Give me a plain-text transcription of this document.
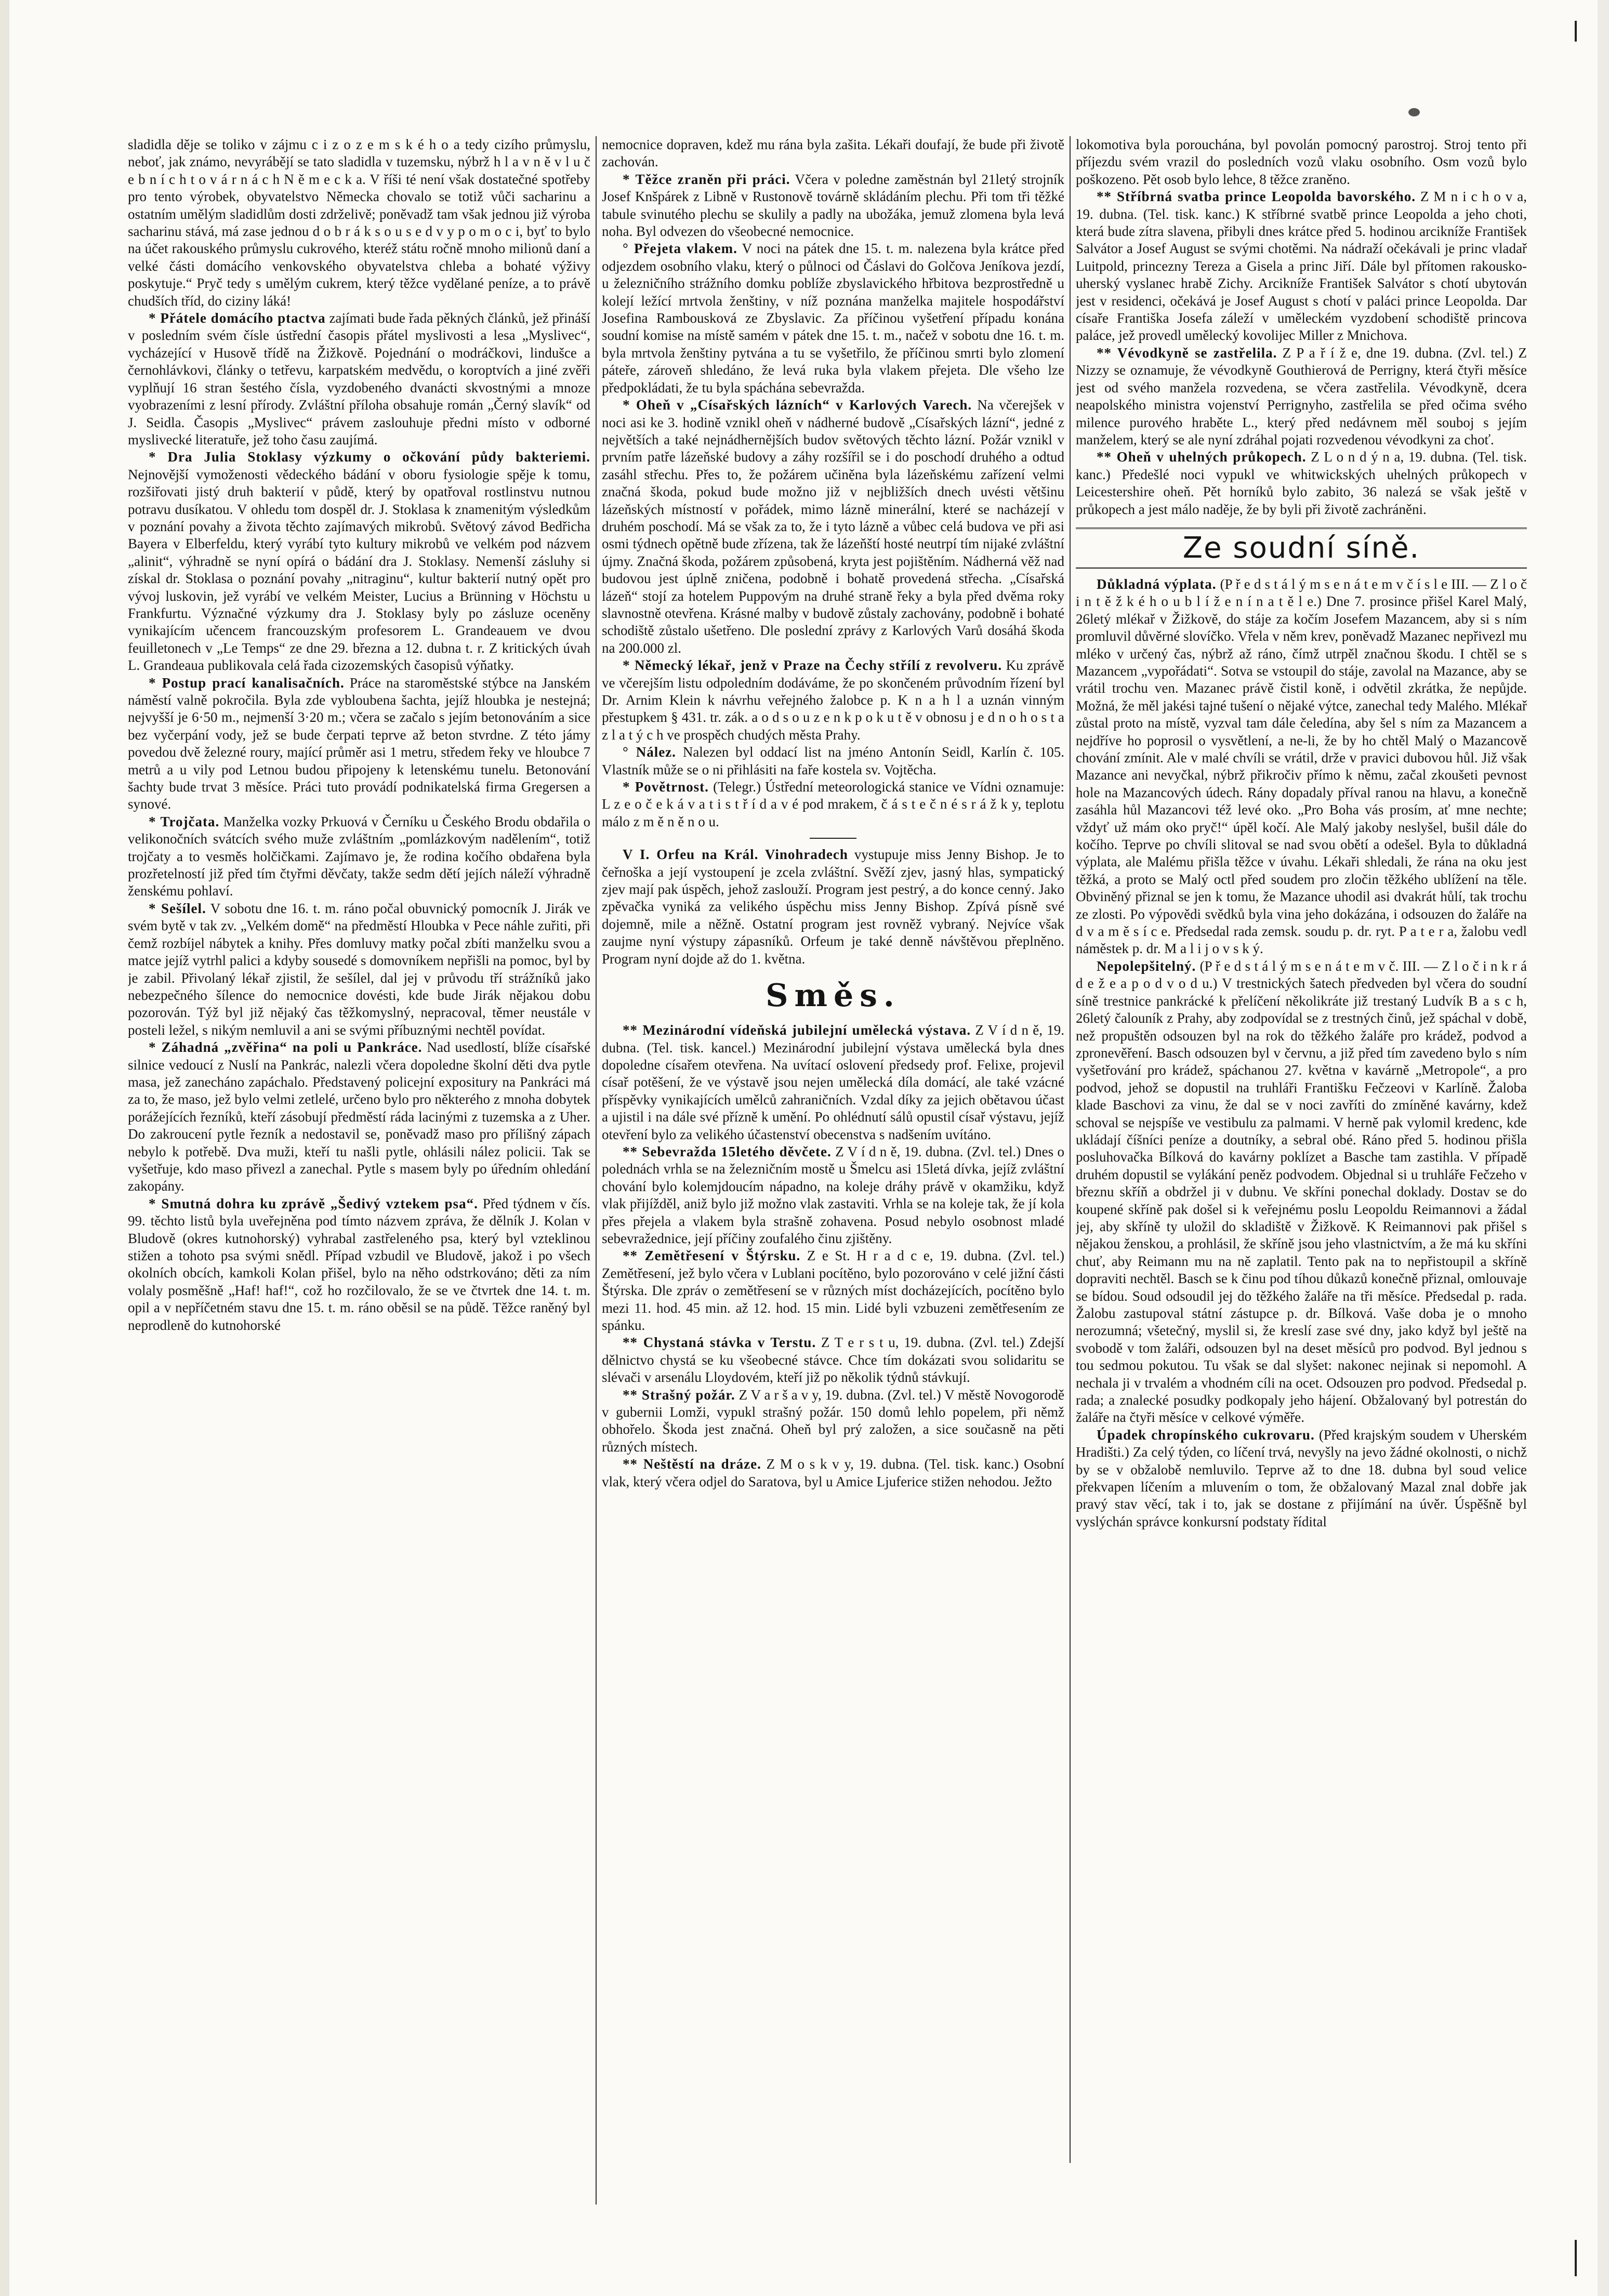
sladidla děje se toliko v zájmu c i z o z e m s k é h o a tedy cizího průmyslu, neboť, jak známo, nevyrábějí se tato sladidla v tuzemsku, nýbrž h l a v n ě v l u č e b n í c h t o v á r n á c h N ě m e c k a. V říši té není však dostatečné spotřeby pro tento výrobek, obyvatelstvo Německa chovalo se totiž vůči sacharinu a ostatním umělým sladidlům dosti zdrželivě; poněvadž tam však jednou již výroba sacharinu stává, má zase jednou d o b r á k s o u s e d v y p o m o c i, byť to bylo na účet rakouského průmyslu cukrového, kteréž státu ročně mnoho milionů daní a velké části domácího venkovského obyvatelstva chleba a bohaté výživy poskytuje.“ Pryč tedy s umělým cukrem, který těžce vydělané peníze, a to právě chudších tříd, do ciziny láká!

* Přátele domácího ptactva zajímati bude řada pěkných článků, jež přináší v posledním svém čísle ústřední časopis přátel myslivosti a lesa „Myslivec“, vycházející v Husově třídě na Žižkově. Pojednání o modráčkovi, lindušce a černohlávkovi, články o tetřevu, karpatském medvědu, o koroptvích a jiné zvěři vyplňují 16 stran šestého čísla, vyzdobeného dvanácti skvostnými a mnoze vyobrazeními z lesní přírody. Zvláštní příloha obsahuje román „Černý slavík“ od J. Seidla. Časopis „Myslivec“ právem zaslouhuje předni místo v odborné myslivecké literatuře, jež toho času zaujímá.

* Dra Julia Stoklasy výzkumy o očkování půdy bakteriemi. Nejnovější vymoženosti vědeckého bádání v oboru fysiologie spěje k tomu, rozšiřovati jistý druh bakterií v půdě, který by opatřoval rostlinstvu nutnou potravu dusíkatou. V ohledu tom dospěl dr. J. Stoklasa k znamenitým výsledkům v poznání povahy a života těchto zajímavých mikrobů. Světový závod Bedřicha Bayera v Elberfeldu, který vyrábí tyto kultury mikrobů ve velkém pod názvem „alinit“, výhradně se nyní opírá o bádání dra J. Stoklasy. Nemenší zásluhy si získal dr. Stoklasa o poznání povahy „nitraginu“, kultur bakterií nutný opět pro vývoj luskovin, jež vyrábí ve velkém Meister, Lucius a Brünning v Höchstu u Frankfurtu. Význačné výzkumy dra J. Stoklasy byly po zásluze oceněny vynikajícím učencem francouzským profesorem L. Grandeauem ve dvou feuilletonech v „Le Temps“ ze dne 29. března a 12. dubna t. r. Z kritických úvah L. Grandeaua publikovala celá řada cizozemských časopisů výňatky.

* Postup prací kanalisačních. Práce na staroměstské stýbce na Janském náměstí valně pokročila. Byla zde vybloubena šachta, jejíž hloubka je nestejná; nejvyšší je 6·50 m., nejmenší 3·20 m.; včera se začalo s jejím betonováním a sice bez vyčerpání vody, jež se bude čerpati teprve až beton stvrdne. Z této jámy povedou dvě železné roury, mající průměr asi 1 metru, středem řeky ve hloubce 7 metrů a u vily pod Letnou budou připojeny k letenskému tunelu. Betonování šachty bude trvat 3 měsíce. Práci tuto provádí podnikatelská firma Gregersen a synové.

* Trojčata. Manželka vozky Prkuová v Černíku u Českého Brodu obdařila o velikonočních svátcích svého muže zvláštním „pomlázkovým nadělením“, totiž trojčaty a to vesměs holčičkami. Zajímavo je, že rodina kočího obdařena byla prozřetelností již před tím čtyřmi děvčaty, takže sedm dětí jejích náleží výhradně ženskému pohlaví.

* Sešílel. V sobotu dne 16. t. m. ráno počal obuvnický pomocník J. Jirák ve svém bytě v tak zv. „Velkém domě“ na předměstí Hloubka v Pece náhle zuřiti, při čemž rozbíjel nábytek a knihy. Přes domluvy matky počal zbíti manželku svou a matce jejíž vytrhl palici a kdyby sousedé s domovníkem nepřišli na pomoc, byl by je zabil. Přivolaný lékař zjistil, že sešílel, dal jej v průvodu tří strážníků jako nebezpečného šílence do nemocnice dovésti, kde bude Jirák nějakou dobu pozorován. Týž byl již nějaký čas těžkomyslný, nepracoval, těmer neustále v posteli ležel, s nikým nemluvil a ani se svými příbuznými nechtěl povídat.

* Záhadná „zvěřina“ na poli u Pankráce. Nad usedlostí, blíže císařské silnice vedoucí z Nuslí na Pankrác, nalezli včera dopoledne školní děti dva pytle masa, jež zanecháno zapáchalo. Představený policejní expositury na Pankráci má za to, že maso, jež bylo velmi zetlelé, určeno bylo pro některého z mnoha dobytek porážejících řezníků, kteří zásobují předměstí ráda lacinými z tuzemska a z Uher. Do zakroucení pytle řezník a nedostavil se, poněvadž maso pro přílišný zápach nebylo k potřebě. Dva muži, kteří tu našli pytle, ohlásili nález policii. Tak se vyšetřuje, kdo maso přivezl a zanechal. Pytle s masem byly po úředním ohledání zakopány.

* Smutná dohra ku zprávě „Šedivý vztekem psa“. Před týdnem v čís. 99. těchto listů byla uveřejněna pod tímto názvem zpráva, že dělník J. Kolan v Bludově (okres kutnohorský) vyhrabal zastřeleného psa, který byl vzteklinou stižen a tohoto psa svými snědl. Případ vzbudil ve Bludově, jakož i po všech okolních obcích, kamkoli Kolan přišel, bylo na něho odstrkováno; děti za ním volaly posměšně „Haf! haf!“, což ho rozčilovalo, že se ve čtvrtek dne 14. t. m. opil a v nepříčetném stavu dne 15. t. m. ráno oběsil se na půdě. Těžce raněný byl neprodleně do kutnohorské

nemocnice dopraven, kdež mu rána byla zašita. Lékaři doufají, že bude při životě zachován.

* Těžce zraněn při práci. Včera v poledne zaměstnán byl 21letý strojník Josef Knšpárek z Libně v Rustonově továrně skládáním plechu. Při tom tři těžké tabule svinutého plechu se skulily a padly na ubožáka, jemuž zlomena byla levá noha. Byl odvezen do všeobecné nemocnice.

° Přejeta vlakem. V noci na pátek dne 15. t. m. nalezena byla krátce před odjezdem osobního vlaku, který o půlnoci od Čáslavi do Golčova Jeníkova jezdí, u železničního strážního domku poblíže zbyslavického hřbitova bezprostředně u kolejí ležící mrtvola ženštiny, v níž poznána manželka majitele hospodářství Josefina Rambousková ze Zbyslavic. Za příčinou vyšetření případu konána soudní komise na místě samém v pátek dne 15. t. m., načež v sobotu dne 16. t. m. byla mrtvola ženštiny pytvána a tu se vyšetřilo, že příčinou smrti bylo zlomení páteře, zároveň shledáno, že levá ruka byla vlakem přejeta. Dle všeho lze předpokládati, že tu byla spáchána sebevražda.

* Oheň v „Císařských lázních“ v Karlových Varech. Na včerejšek v noci asi ke 3. hodině vznikl oheň v nádherné budově „Císařských lázní“, jedné z největších a také nejnádhernějších budov světových těchto lázní. Požár vznikl v prvním patře lázeňské budovy a záhy rozšířil se i do poschodí druhého a odtud zasáhl střechu. Přes to, že požárem učiněna byla lázeňskému zařízení velmi značná škoda, pokud bude možno již v nejbližších dnech uvésti většinu lázeňských místností v pořádek, mimo lázně minerální, které se nacházejí v druhém poschodí. Má se však za to, že i tyto lázně a vůbec celá budova ve při asi osmi týdnech opětně bude zřízena, tak že lázeňští hosté neutrpí tím nijaké zvláštní újmy. Značná škoda, požárem způsobená, kryta jest pojištěním. Nádherná věž nad budovou jest úplně zničena, podobně i bohatě provedená střecha. „Císařská lázeň“ stojí za hotelem Puppovým na druhé straně řeky a byla před dvěma roky slavnostně otevřena. Krásné malby v budově zůstaly zachovány, podobně i bohaté schodiště zůstalo ušetřeno. Dle poslední zprávy z Karlových Varů dosáhá škoda na 200.000 zl.

* Německý lékař, jenž v Praze na Čechy střílí z revolveru. Ku zprávě ve včerejším listu odpoledním dodáváme, že po skončeném průvodním řízení byl Dr. Arnim Klein k návrhu veřejného žalobce p. K n a h l a uznán vinným přestupkem § 431. tr. zák. a o d s o u z e n k p o k u t ě v obnosu j e d n o h o s t a z l a t ý c h ve prospěch chudých města Prahy.

° Nález. Nalezen byl oddací list na jméno Antonín Seidl, Karlín č. 105. Vlastník může se o ni přihlásiti na faře kostela sv. Vojtěcha.

* Povětrnost. (Telegr.) Ústřední meteorologická stanice ve Vídni oznamuje: L z e o č e k á v a t i s t ř í d a v é pod mrakem, č á s t e č n é s r á ž k y, teplotu málo z m ě n ě n o u.

V I. Orfeu na Král. Vinohradech vystupuje miss Jenny Bishop. Je to čeřnoška a její vystoupení je zcela zvláštní. Svěží zjev, jasný hlas, sympatický zjev mají pak úspěch, jehož zaslouží. Program jest pestrý, a do konce cenný. Jako zpěvačka vyniká za velikého úspěchu miss Jenny Bishop. Zpívá písně své dojemně, mile a něžně. Ostatní program jest rovněž vybraný. Nejvíce však zaujme nyní výstupy zápasníků. Orfeum je také denně návštěvou přeplněno. Program nyní dojde až do 1. května.

Směs.

** Mezinárodní vídeňská jubilejní umělecká výstava. Z V í d n ě, 19. dubna. (Tel. tisk. kancel.) Mezinárodní jubilejní výstava umělecká byla dnes dopoledne císařem otevřena. Na uvítací oslovení předsedy prof. Felixe, projevil císař potěšení, že ve výstavě jsou nejen umělecká díla domácí, ale také vzácné příspěvky vynikajících umělců zahraničních. Vzdal díky za jejich obětavou účast a ujistil i na dále své přízně k umění. Po ohlédnutí sálů opustil císař výstavu, jejíž otevření bylo za velikého účastenství obecenstva s nadšením uvítáno.

** Sebevražda 15letého děvčete. Z V í d n ě, 19. dubna. (Zvl. tel.) Dnes o polednách vrhla se na železničním mostě u Šmelcu asi 15letá dívka, jejíž zvláštní chování bylo kolemjdoucím nápadno, na koleje dráhy právě v okamžiku, když vlak přijížděl, aniž bylo již možno vlak zastaviti. Vrhla se na koleje tak, že jí kola přes přejela a vlakem byla strašně zohavena. Posud nebylo osobnost mladé sebevražednice, její příčiny zoufalého činu zjištěny.

** Zemětřesení v Štýrsku. Z e St. H r a d c e, 19. dubna. (Zvl. tel.) Zemětřesení, jež bylo včera v Lublani pocítěno, bylo pozorováno v celé jižní části Štýrska. Dle zpráv o zemětřesení se v různých míst docházejících, pocítěno bylo mezi 11. hod. 45 min. až 12. hod. 15 min. Lidé byli vzbuzeni zemětřesením ze spánku.

** Chystaná stávka v Terstu. Z T e r s t u, 19. dubna. (Zvl. tel.) Zdejší dělnictvo chystá se ku všeobecné stávce. Chce tím dokázati svou solidaritu se slévači v arsenálu Lloydovém, kteří již po několik týdnů stávkují.

** Strašný požár. Z V a r š a v y, 19. dubna. (Zvl. tel.) V městě Novogorodě v gubernii Lomži, vypukl strašný požár. 150 domů lehlo popelem, při němž obhořelo. Škoda jest značná. Oheň byl prý založen, a sice současně na pěti různých místech.

** Neštěstí na dráze. Z M o s k v y, 19. dubna. (Tel. tisk. kanc.) Osobní vlak, který včera odjel do Saratova, byl u Amice Ljuferice stižen nehodou. Ježto

lokomotiva byla porouchána, byl povolán pomocný parostroj. Stroj tento při příjezdu svém vrazil do posledních vozů vlaku osobního. Osm vozů bylo poškozeno. Pět osob bylo lehce, 8 těžce zraněno.

** Stříbrná svatba prince Leopolda bavorského. Z M n i c h o v a, 19. dubna. (Tel. tisk. kanc.) K stříbrné svatbě prince Leopolda a jeho choti, která bude zítra slavena, přibyli dnes krátce před 5. hodinou arcikníže František Salvátor a Josef August se svými chotěmi. Na nádraží očekávali je princ vladař Luitpold, princezny Tereza a Gisela a princ Jiří. Dále byl přítomen rakousko-uherský vyslanec hrabě Zichy. Arcikníže František Salvátor s chotí ubytován jest v residenci, očekává je Josef August s chotí v paláci prince Leopolda. Dar císaře Františka Josefa záleží v uměleckém vyzdobení schodiště princova paláce, jež provedl umělecký kovolijec Miller z Mnichova.

** Vévodkyně se zastřelila. Z P a ř í ž e, dne 19. dubna. (Zvl. tel.) Z Nizzy se oznamuje, že vévodkyně Gouthierová de Perrigny, která čtyři měsíce jest od svého manžela rozvedena, se včera zastřelila. Vévodkyně, dcera neapolského ministra vojenství Perrignyho, zastřelila se před očima svého milence purového hraběte L., který před nedávnem měl souboj s jejím manželem, který se ale nyní zdráhal pojati rozvedenou vévodkyni za choť.

** Oheň v uhelných průkopech. Z L o n d ý n a, 19. dubna. (Tel. tisk. kanc.) Předešlé noci vypukl ve whitwickských uhelných průkopech v Leicestershire oheň. Pět horníků bylo zabito, 36 nalezá se však ještě v průkopech a jest málo naděje, že by byli při životě zachráněni.

Ze soudní síně.

Důkladná výplata. (P ř e d s t á l ý m s e n á t e m v č í s l e III. — Z l o č i n t ě ž k é h o u b l í ž e n í n a t ě l e.) Dne 7. prosince přišel Karel Malý, 26letý mlékař v Žižkově, do stáje za kočím Josefem Mazancem, aby si s ním promluvil důvěrné slovíčko. Vřela v něm krev, poněvadž Mazanec nepřivezl mu mléko v určený čas, nýbrž až ráno, čímž utrpěl značnou škodu. I chtěl se s Mazancem „vypořádati“. Sotva se vstoupil do stáje, zavolal na Mazance, aby se vrátil trochu ven. Mazanec právě čistil koně, i odvětil zkrátka, že nepůjde. Možná, že měl jakési tajné tušení o nějaké výtce, zanechal tedy Malého. Mlékař zůstal proto na místě, vyzval tam dále čeledína, aby šel s ním za Mazancem a nejdříve ho poprosil o vysvětlení, a ne-li, že by ho chtěl Malý o Mazancově chování zmínit. Ale v malé chvíli se vrátil, drže v pravici dubovou hůl. Již však Mazance ani nevyčkal, nýbrž přikročiv přímo k němu, začal zkoušeti pevnost hole na Mazancových údech. Rány dopadaly příval ranou na hlavu, a konečně zasáhla hůl Mazancovi též levé oko. „Pro Boha vás prosím, ať mne nechte; vždyť už mám oko pryč!“ úpěl kočí. Ale Malý jakoby neslyšel, bušil dále do kočího. Teprve po chvíli slitoval se nad svou obětí a odešel. Byla to důkladná výplata, ale Malému přišla těžce v úvahu. Lékaři shledali, že rána na oku jest těžká, a proto se Malý octl před soudem pro zločin těžkého ublížení na těle. Obviněný přiznal se jen k tomu, že Mazance uhodil asi dvakrát hůlí, tak trochu ze zlosti. Po výpovědi svědků byla vina jeho dokázána, i odsouzen do žaláře na d v a m ě s í c e. Předsedal rada zemsk. soudu p. dr. ryt. P a t e r a, žalobu vedl náměstek p. dr. M a l i j o v s k ý.

Nepolepšitelný. (P ř e d s t á l ý m s e n á t e m v č. III. — Z l o č i n k r á d e ž e a p o d v o d u.) V trestnických šatech předveden byl včera do soudní síně trestnice pankrácké k přelíčení několikráte již trestaný Ludvík B a s c h, 26letý čalouník z Prahy, aby zodpovídal se z trestných činů, jež spáchal v době, než propuštěn odsouzen byl na rok do těžkého žaláře pro krádež, podvod a zpronevěření. Basch odsouzen byl v červnu, a již před tím zavedeno bylo s ním vyšetřování pro krádež, spáchanou 27. května v kavárně „Metropole“, a pro podvod, jehož se dopustil na truhláři Františku Fečzeovi v Karlíně. Žaloba klade Baschovi za vinu, že dal se v noci zavříti do zmíněné kavárny, kdež schoval se nejspíše ve vestibulu za palmami. V herně pak vylomil kredenc, kde ukládají číšníci peníze a doutníky, a sebral obé. Ráno před 5. hodinou přišla posluhovačka Bílková do kavárny poklízet a Basche tam zastihla. V případě druhém dopustil se vylákání peněz podvodem. Objednal si u truhláře Fečzeho v březnu skříň a obdržel ji v dubnu. Ve skříni ponechal doklady. Dostav se do koupené skříně pak došel si k veřejnému poslu Leopoldu Reimannovi a žádal jej, aby skříně ty uložil do skladiště v Žižkově. K Reimannovi pak přišel s nějakou ženskou, a prohlásil, že skříně jsou jeho vlastnictvím, a že má ku skříni chuť, aby Reimann mu na ně zaplatil. Tento pak na to nepřistoupil a skříně dopraviti nechtěl. Basch se k činu pod tíhou důkazů konečně přiznal, omlouvaje se bídou. Soud odsoudil jej do těžkého žaláře na tři měsíce. Předsedal p. rada. Žalobu zastupoval státní zástupce p. dr. Bílková. Vaše doba je o mnoho nerozumná; všetečný, myslil si, že kreslí zase své dny, jako když byl ještě na svobodě v tom žaláři, odsouzen byl na deset měsíců pro podvod. Byl jednou s tou sedmou pokutou. Tu však se dal slyšet: nakonec nejinak si nepomohl. A nechala ji v trvalém a vhodném cíli na ocet. Odsouzen pro podvod. Předsedal p. rada; a znalecké posudky podkopaly jeho hájení. Obžalovaný byl potrestán do žaláře na čtyři měsíce v celkové výměře.

Úpadek chropínského cukrovaru. (Před krajským soudem v Uherském Hradišti.) Za celý týden, co líčení trvá, nevyšly na jevo žádné okolnosti, o nichž by se v obžalobě nemluvilo. Teprve až to dne 18. dubna byl soud velice překvapen líčením a mluvením o tom, že obžalovaný Mazal znal dobře jak pravý stav věcí, tak i to, jak se dostane z přijímání na úvěr. Úspěšně byl vyslýchán správce konkursní podstaty řídital
